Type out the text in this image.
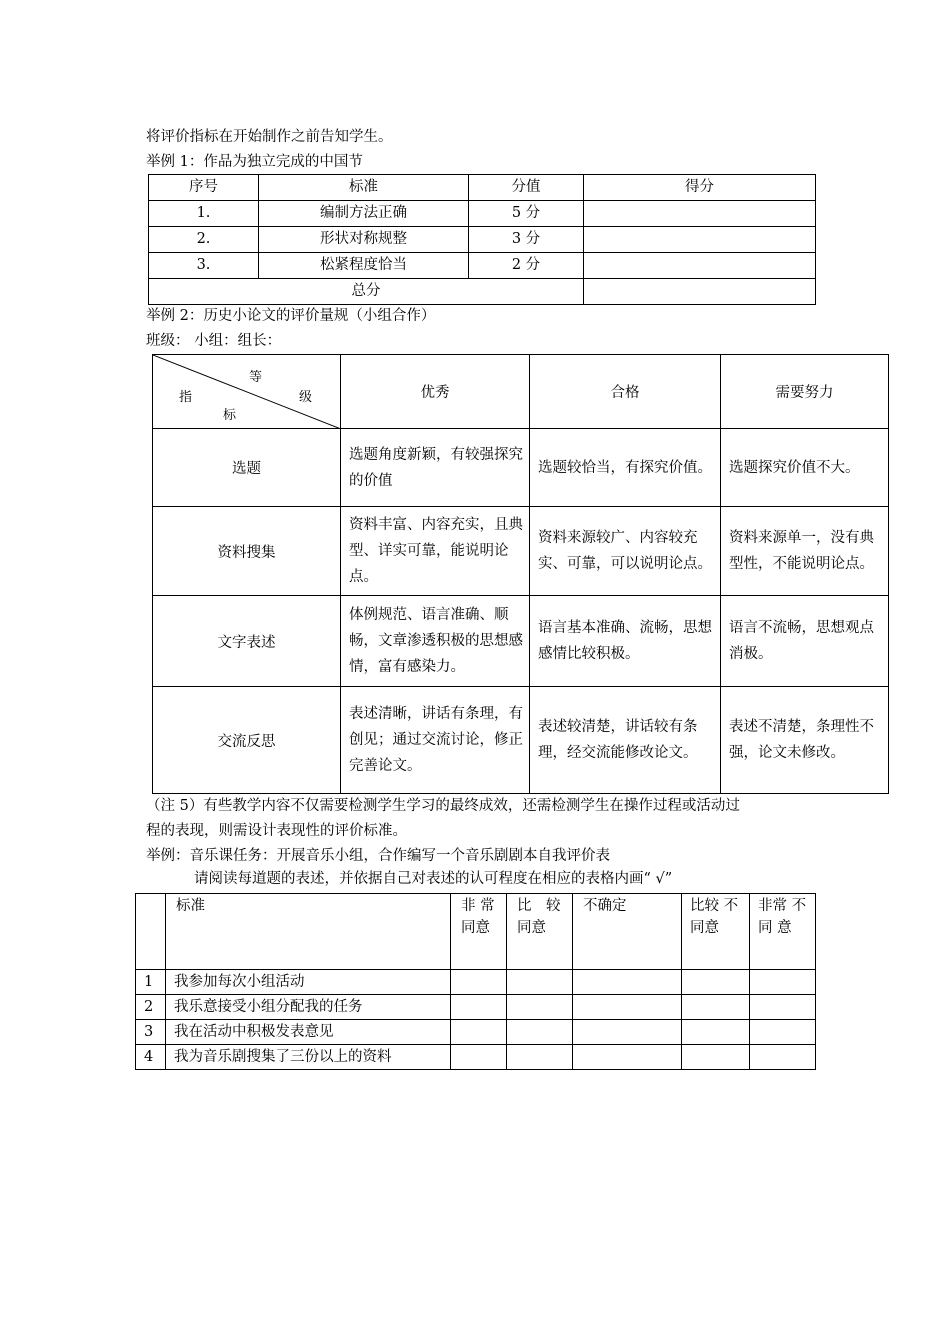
将评价指标在开始制作之前告知学生。
举例 1：作品为独立完成的中国节
序号	标准	分值	得分
1.	编制方法正确	5 分	
2.	形状对称规整	3 分	
3.	松紧程度恰当	2 分	
总分			
举例 2：历史小论文的评价量规（小组合作）
班级： 小组：组长：
等
指 级
标	优秀	合格	需要努力
选题	选题角度新颖，有较强探究的价值	选题较恰当，有探究价值。	选题探究价值不大。
资料搜集	资料丰富、内容充实，且典型、详实可靠，能说明论点。	资料来源较广、内容较充实、可靠，可以说明论点。	资料来源单一，没有典型性，不能说明论点。
文字表述	体例规范、语言准确、顺畅，文章渗透积极的思想感情，富有感染力。	语言基本准确、流畅，思想感情比较积极。	语言不流畅，思想观点消极。
交流反思	表述清晰，讲话有条理，有创见；通过交流讨论，修正完善论文。	表述较清楚，讲话较有条理，经交流能修改论文。	表述不清楚，条理性不强，论文未修改。
（注 5）有些教学内容不仅需要检测学生学习的最终成效，还需检测学生在操作过程或活动过
程的表现，则需设计表现性的评价标准。
举例：音乐课任务：开展音乐小组，合作编写一个音乐剧剧本自我评价表
请阅读每道题的表述，并依据自己对表述的认可程度在相应的表格内画“ √”
	标准	非 常 同意	比　较 同意	不确定	比较 不同意	非常 不　同 意
1	我参加每次小组活动					
2	我乐意接受小组分配我的任务					
3	我在活动中积极发表意见					
4	我为音乐剧搜集了三份以上的资料					
